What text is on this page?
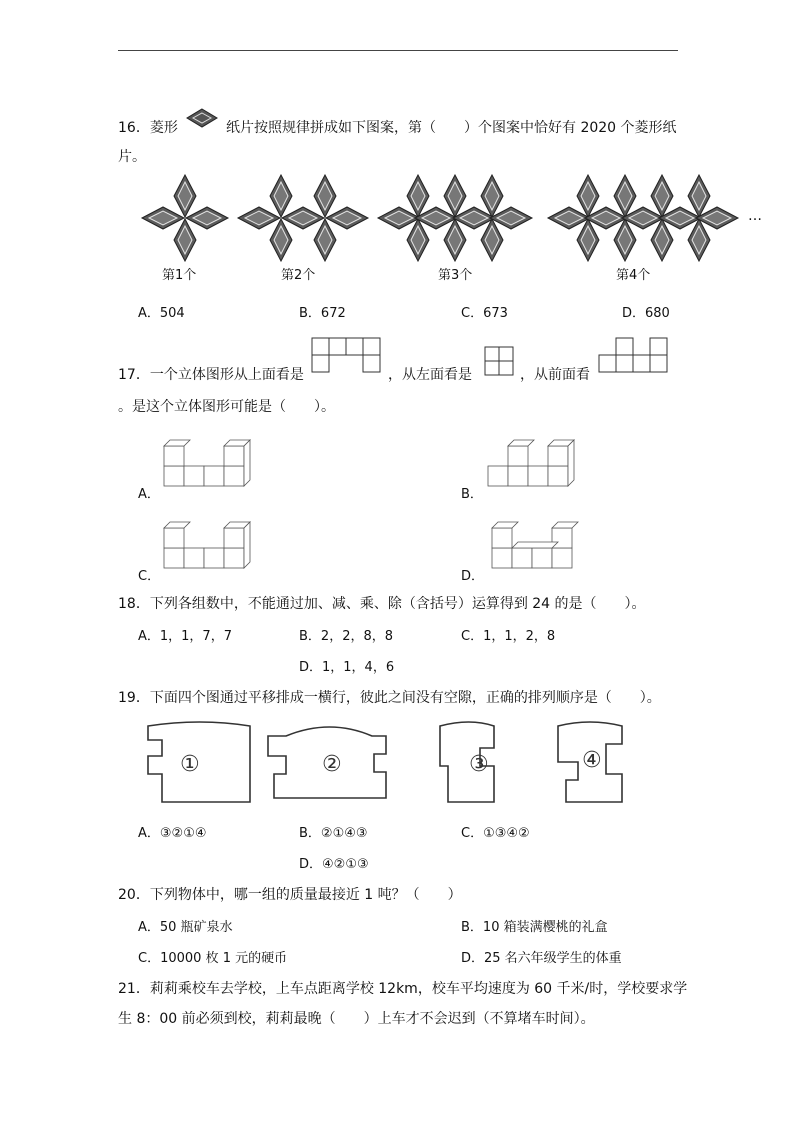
16．菱形	纸片按照规律拼成如下图案，第（　　）个图案中恰好有 2020 个菱形纸
片。
…
第1个	第2个	第3个	第4个
A．504	B．672	C．673	D．680
17．一个立体图形从上面看是	，从左面看是	，从前面看
。是这个立体图形可能是（　　）。
A．	B．
C．	D．
18．下列各组数中，不能通过加、减、乘、除（含括号）运算得到 24 的是（　　）。
A．1，1，7，7	B．2，2，8，8	C．1，1，2，8
D．1，1，4，6
19．下面四个图通过平移排成一横行，彼此之间没有空隙，正确的排列顺序是（　　）。
①	②	③	④
A．③②①④	B．②①④③	C．①③④②
D．④②①③
20．下列物体中，哪一组的质量最接近 1 吨？（　　）
A．50 瓶矿泉水	B．10 箱装满樱桃的礼盒
C．10000 枚 1 元的硬币	D．25 名六年级学生的体重
21．莉莉乘校车去学校，上车点距离学校 12km，校车平均速度为 60 千米/时，学校要求学
生 8：00 前必须到校，莉莉最晚（　　）上车才不会迟到（不算堵车时间）。
